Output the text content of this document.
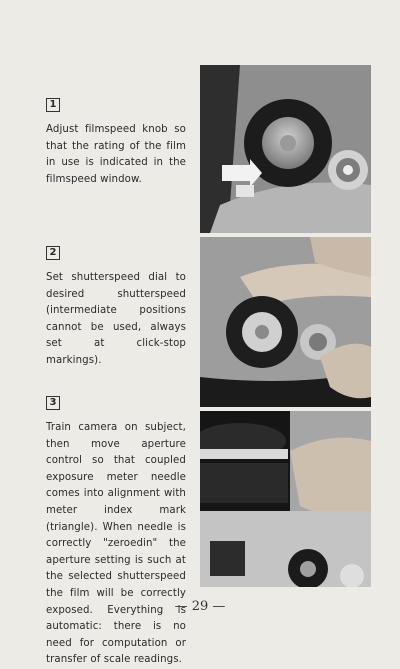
1
Adjust filmspeed knob so that the rating of the film in use is indicated in the filmspeed window.
2
Set shutterspeed dial to desired shutterspeed (intermediate positions cannot be used, always set at click-stop markings).
3
Train camera on subject, then move aperture control so that coupled exposure meter needle comes into alignment with meter index mark (triangle). When needle is correctly "zeroedin" the aperture setting is such at the selected shutterspeed the film will be correctly exposed. Everything is automatic: there is no need for computation or transfer of scale readings.
— 29 —
